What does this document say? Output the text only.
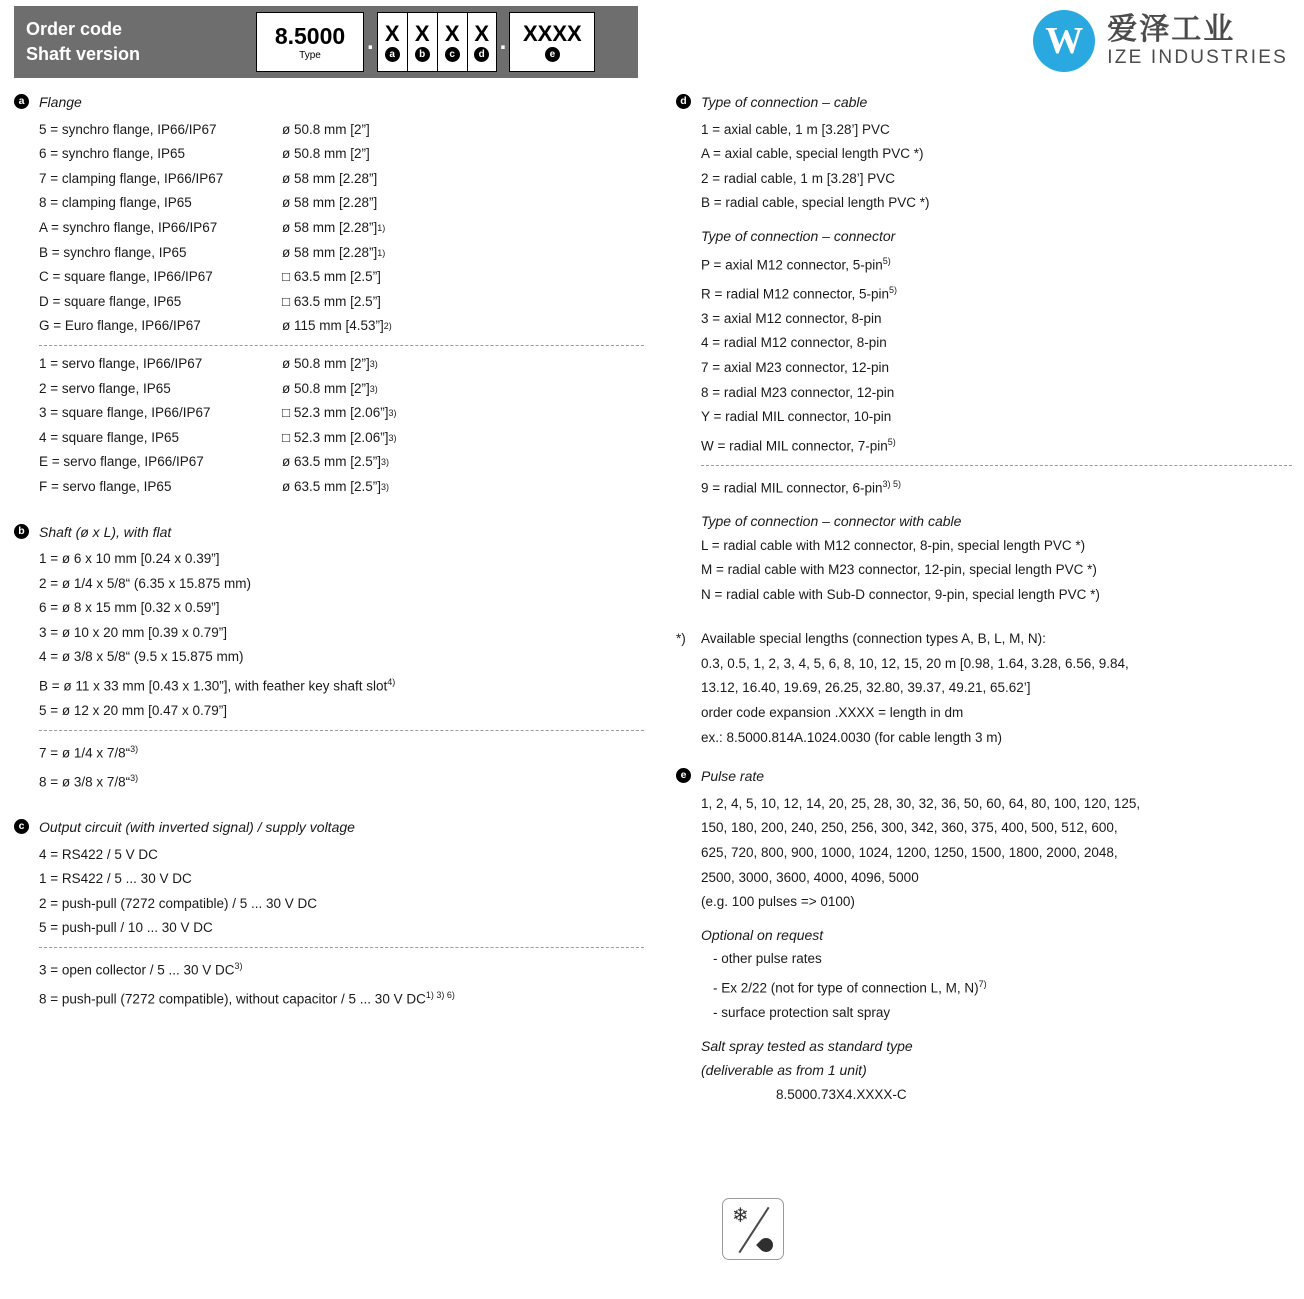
Order code
Shaft version
8.5000
Type . X
a
X
b
X
c
X
d . XXXX
e	W 爱泽工业
IZE INDUSTRIES
a	Flange
5 = synchro flange, IP66/IP67	ø 50.8 mm [2”]
6 = synchro flange, IP65	ø 50.8 mm [2”]
7 = clamping flange, IP66/IP67	ø 58 mm [2.28”]
8 = clamping flange, IP65	ø 58 mm [2.28”]
A = synchro flange, IP66/IP67	ø 58 mm [2.28”] 1)
B = synchro flange, IP65	ø 58 mm [2.28”] 1)
C = square flange, IP66/IP67	□ 63.5 mm [2.5”]
D = square flange, IP65	□ 63.5 mm [2.5”]
G = Euro flange, IP66/IP67	ø 115 mm [4.53”] 2)
1 = servo flange, IP66/IP67	ø 50.8 mm [2”] 3)
2 = servo flange, IP65	ø 50.8 mm [2”] 3)
3 = square flange, IP66/IP67	□ 52.3 mm [2.06”] 3)
4 = square flange, IP65	□ 52.3 mm [2.06”] 3)
E = servo flange, IP66/IP67	ø 63.5 mm [2.5”] 3)
F = servo flange, IP65	ø 63.5 mm [2.5”] 3)
b	Shaft (ø x L), with flat
1 = ø 6 x 10 mm [0.24 x 0.39”]
2 = ø 1/4 x 5/8“ (6.35 x 15.875 mm)
6 = ø 8 x 15 mm [0.32 x 0.59”]
3 = ø 10 x 20 mm [0.39 x 0.79”]
4 = ø 3/8 x 5/8“ (9.5 x 15.875 mm)
B = ø 11 x 33 mm [0.43 x 1.30”], with feather key shaft slot$^{4)}$
5 = ø 12 x 20 mm [0.47 x 0.79”]
7 = ø 1/4 x 7/8“$^{3)}$
8 = ø 3/8 x 7/8“$^{3)}$
c	Output circuit (with inverted signal) / supply voltage
4 = RS422 / 5 V DC
1 = RS422 / 5 ... 30 V DC
2 = push-pull (7272 compatible) / 5 ... 30 V DC
5 = push-pull / 10 ... 30 V DC
3 = open collector / 5 ... 30 V DC$^{3)}$
8 = push-pull (7272 compatible), without capacitor / 5 ... 30 V $DC^{1) 3) 6)}$
d	Type of connection – cable
1 = axial cable, 1 m [3.28’] PVC
A = axial cable, special length PVC *)
2 = radial cable, 1 m [3.28’] PVC
B = radial cable, special length PVC *)
Type of connection – connector
P = axial M12 connector, 5-pin$^{5)}$
R = radial M12 connector, 5-pin$^{5)}$
3 = axial M12 connector, 8-pin
4 = radial M12 connector, 8-pin
7 = axial M23 connector, 12-pin
8 = radial M23 connector, 12-pin
Y = radial MIL connector, 10-pin
W = radial MIL connector, 7-pin$^{5)}$
9 = radial MIL connector, 6-pin$^{3) 5)}$
Type of connection – connector with cable
L = radial cable with M12 connector, 8-pin, special length PVC *)
M = radial cable with M23 connector, 12-pin, special length PVC *)
N = radial cable with Sub-D connector, 9-pin, special length PVC *)
*)	Available special lengths (connection types A, B, L, M, N):
0.3, 0.5, 1, 2, 3, 4, 5, 6, 8, 10, 12, 15, 20 m [0.98, 1.64, 3.28, 6.56, 9.84,
13.12, 16.40, 19.69, 26.25, 32.80, 39.37, 49.21, 65.62’]
order code expansion .XXXX = length in dm
ex.: 8.5000.814A.1024.0030 (for cable length 3 m)
e	Pulse rate
1, 2, 4, 5, 10, 12, 14, 20, 25, 28, 30, 32, 36, 50, 60, 64, 80, 100, 120, 125,
150, 180, 200, 240, 250, 256, 300, 342, 360, 375, 400, 500, 512, 600,
625, 720, 800, 900, 1000, 1024, 1200, 1250, 1500, 1800, 2000, 2048,
2500, 3000, 3600, 4000, 4096, 5000
(e.g. 100 pulses => 0100)
Optional on request
- other pulse rates
- Ex 2/22 (not for type of connection L, M, N)$^{7)}$
- surface protection salt spray
Salt spray tested as standard type
(deliverable as from 1 unit)
8.5000.73X4.XXXX-C
❄
